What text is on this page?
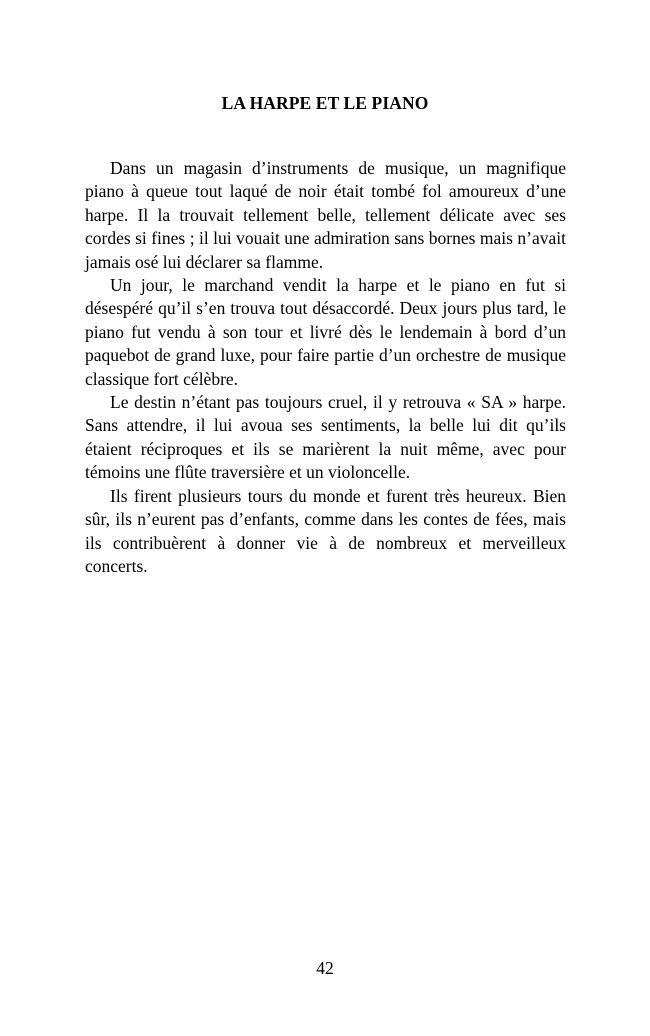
LA HARPE ET LE PIANO

Dans un magasin d’instruments de musique, un magnifique piano à queue tout laqué de noir était tombé fol amoureux d’une harpe. Il la trouvait tellement belle, tellement délicate avec ses cordes si fines ; il lui vouait une admiration sans bornes mais n’avait jamais osé lui déclarer sa flamme.

Un jour, le marchand vendit la harpe et le piano en fut si désespéré qu’il s’en trouva tout désaccordé. Deux jours plus tard, le piano fut vendu à son tour et livré dès le lendemain à bord d’un paquebot de grand luxe, pour faire partie d’un orchestre de musique classique fort célèbre.

Le destin n’étant pas toujours cruel, il y retrouva « SA » harpe. Sans attendre, il lui avoua ses sentiments, la belle lui dit qu’ils étaient réciproques et ils se marièrent la nuit même, avec pour témoins une flûte traversière et un violoncelle.

Ils firent plusieurs tours du monde et furent très heureux. Bien sûr, ils n’eurent pas d’enfants, comme dans les contes de fées, mais ils contribuèrent à donner vie à de nombreux et merveilleux concerts.

42
